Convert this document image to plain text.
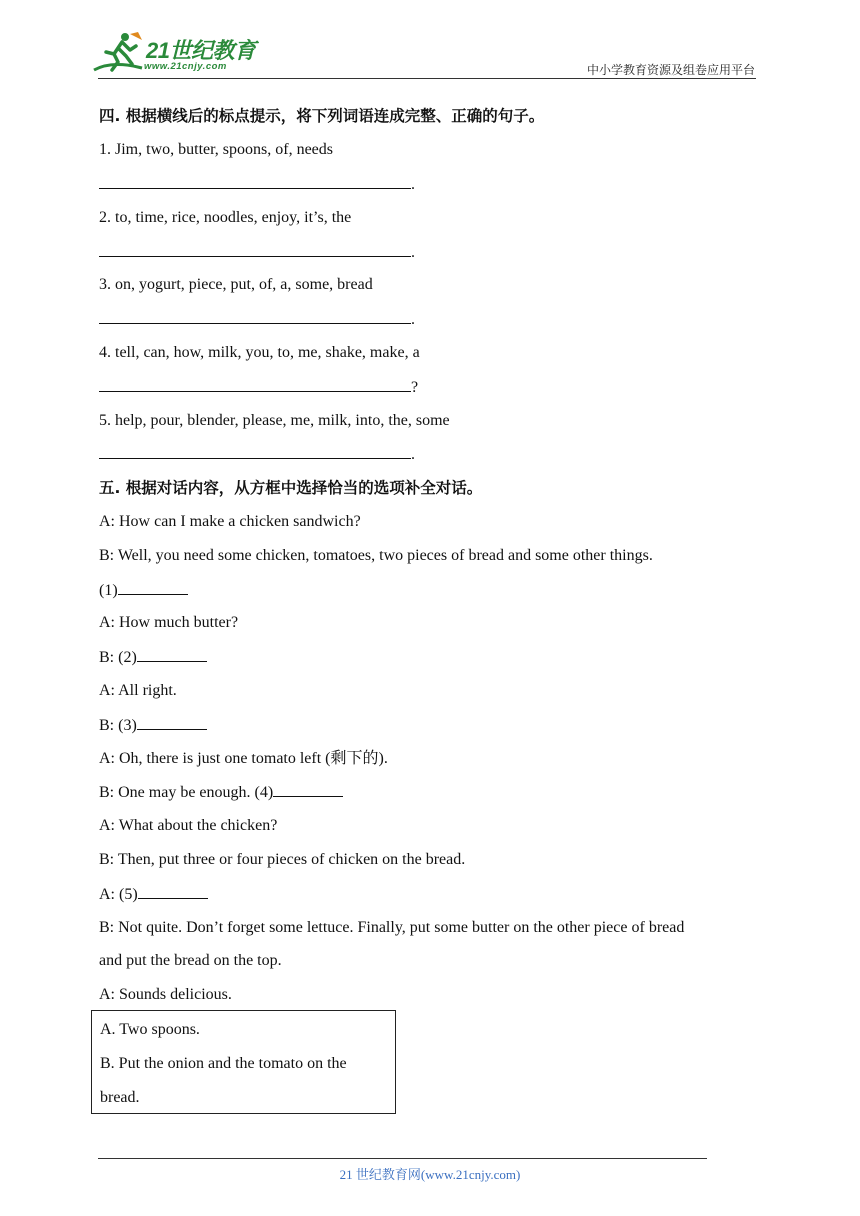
21世纪教育
www.21cnjy.com	中小学教育资源及组卷应用平台
四. 根据横线后的标点提示，将下列词语连成完整、正确的句子。
1. Jim, two, butter, spoons, of, needs
.
2. to, time, rice, noodles, enjoy, it’s, the
.
3. on, yogurt, piece, put, of, a, some, bread
.
4. tell, can, how, milk, you, to, me, shake, make, a
?
5. help, pour, blender, please, me, milk, into, the, some
.
五. 根据对话内容，从方框中选择恰当的选项补全对话。
A: How can I make a chicken sandwich?
B: Well, you need some chicken, tomatoes, two pieces of bread and some other things.
(1)
A: How much butter?
B: (2)
A: All right.
B: (3)
A: Oh, there is just one tomato left (剩下的).
B: One may be enough. (4)
A: What about the chicken?
B: Then, put three or four pieces of chicken on the bread.
A: (5)
B: Not quite. Don’t forget some lettuce. Finally, put some butter on the other piece of bread
and put the bread on the top.
A: Sounds delicious.
A. Two spoons.
B. Put the onion and the tomato on the
bread.
21 世纪教育网(www.21cnjy.com)
